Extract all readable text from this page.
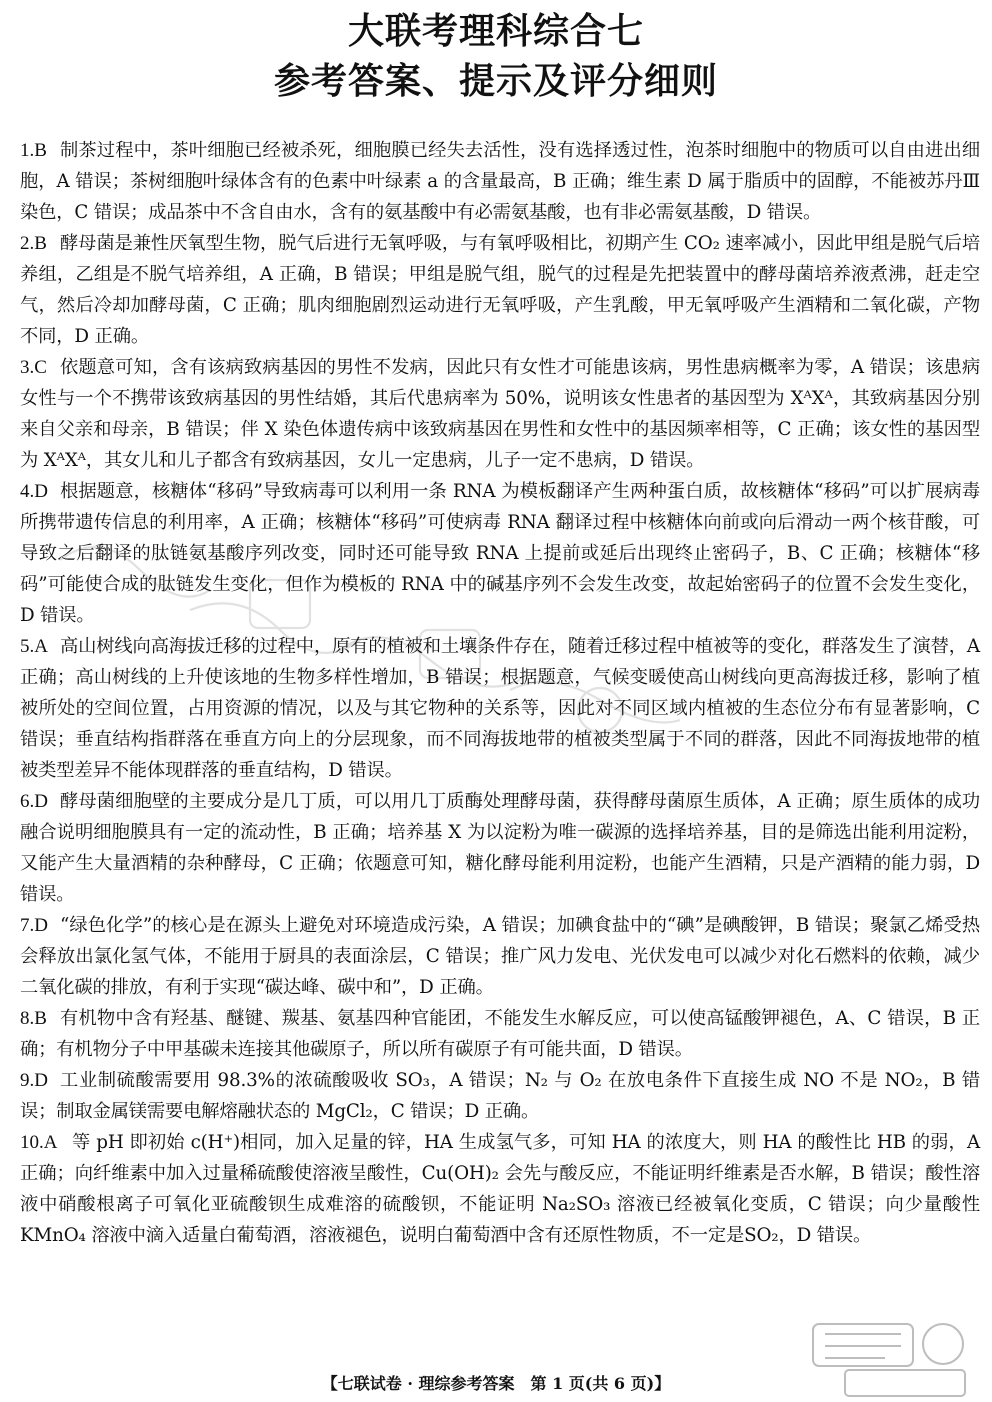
大联考理科综合七
参考答案、提示及评分细则
1.B 制茶过程中，茶叶细胞已经被杀死，细胞膜已经失去活性，没有选择透过性，泡茶时细胞中的物质可以自由进出细胞，A 错误；茶树细胞叶绿体含有的色素中叶绿素 a 的含量最高，B 正确；维生素 D 属于脂质中的固醇，不能被苏丹Ⅲ染色，C 错误；成品茶中不含自由水，含有的氨基酸中有必需氨基酸，也有非必需氨基酸，D 错误。
2.B 酵母菌是兼性厌氧型生物，脱气后进行无氧呼吸，与有氧呼吸相比，初期产生 CO₂ 速率减小，因此甲组是脱气后培养组，乙组是不脱气培养组，A 正确，B 错误；甲组是脱气组，脱气的过程是先把装置中的酵母菌培养液煮沸，赶走空气，然后冷却加酵母菌，C 正确；肌肉细胞剧烈运动进行无氧呼吸，产生乳酸，甲无氧呼吸产生酒精和二氧化碳，产物不同，D 正确。
3.C 依题意可知，含有该病致病基因的男性不发病，因此只有女性才可能患该病，男性患病概率为零，A 错误；该患病女性与一个不携带该致病基因的男性结婚，其后代患病率为 50%，说明该女性患者的基因型为 XᴬXᴬ，其致病基因分别来自父亲和母亲，B 错误；伴 X 染色体遗传病中该致病基因在男性和女性中的基因频率相等，C 正确；该女性的基因型为 XᴬXᴬ，其女儿和儿子都含有致病基因，女儿一定患病，儿子一定不患病，D 错误。
4.D 根据题意，核糖体“移码”导致病毒可以利用一条 RNA 为模板翻译产生两种蛋白质，故核糖体“移码”可以扩展病毒所携带遗传信息的利用率，A 正确；核糖体“移码”可使病毒 RNA 翻译过程中核糖体向前或向后滑动一两个核苷酸，可导致之后翻译的肽链氨基酸序列改变，同时还可能导致 RNA 上提前或延后出现终止密码子，B、C 正确；核糖体“移码”可能使合成的肽链发生变化，但作为模板的 RNA 中的碱基序列不会发生改变，故起始密码子的位置不会发生变化，D 错误。
5.A 高山树线向高海拔迁移的过程中，原有的植被和土壤条件存在，随着迁移过程中植被等的变化，群落发生了演替，A 正确；高山树线的上升使该地的生物多样性增加，B 错误；根据题意，气候变暖使高山树线向更高海拔迁移，影响了植被所处的空间位置，占用资源的情况，以及与其它物种的关系等，因此对不同区域内植被的生态位分布有显著影响，C 错误；垂直结构指群落在垂直方向上的分层现象，而不同海拔地带的植被类型属于不同的群落，因此不同海拔地带的植被类型差异不能体现群落的垂直结构，D 错误。
6.D 酵母菌细胞壁的主要成分是几丁质，可以用几丁质酶处理酵母菌，获得酵母菌原生质体，A 正确；原生质体的成功融合说明细胞膜具有一定的流动性，B 正确；培养基 X 为以淀粉为唯一碳源的选择培养基，目的是筛选出能利用淀粉，又能产生大量酒精的杂种酵母，C 正确；依题意可知，糖化酵母能利用淀粉，也能产生酒精，只是产酒精的能力弱，D 错误。
7.D “绿色化学”的核心是在源头上避免对环境造成污染，A 错误；加碘食盐中的“碘”是碘酸钾，B 错误；聚氯乙烯受热会释放出氯化氢气体，不能用于厨具的表面涂层，C 错误；推广风力发电、光伏发电可以减少对化石燃料的依赖，减少二氧化碳的排放，有利于实现“碳达峰、碳中和”，D 正确。
8.B 有机物中含有羟基、醚键、羰基、氨基四种官能团，不能发生水解反应，可以使高锰酸钾褪色，A、C 错误，B 正确；有机物分子中甲基碳未连接其他碳原子，所以所有碳原子有可能共面，D 错误。
9.D 工业制硫酸需要用 98.3%的浓硫酸吸收 SO₃，A 错误；N₂ 与 O₂ 在放电条件下直接生成 NO 不是 NO₂，B 错误；制取金属镁需要电解熔融状态的 MgCl₂，C 错误；D 正确。
10.A 等 pH 即初始 c(H⁺)相同，加入足量的锌，HA 生成氢气多，可知 HA 的浓度大，则 HA 的酸性比 HB 的弱，A 正确；向纤维素中加入过量稀硫酸使溶液呈酸性，Cu(OH)₂ 会先与酸反应，不能证明纤维素是否水解，B 错误；酸性溶液中硝酸根离子可氧化亚硫酸钡生成难溶的硫酸钡，不能证明 Na₂SO₃ 溶液已经被氧化变质，C 错误；向少量酸性 KMnO₄ 溶液中滴入适量白葡萄酒，溶液褪色，说明白葡萄酒中含有还原性物质，不一定是SO₂，D 错误。
【七联试卷 · 理综参考答案　第 1 页(共 6 页)】
